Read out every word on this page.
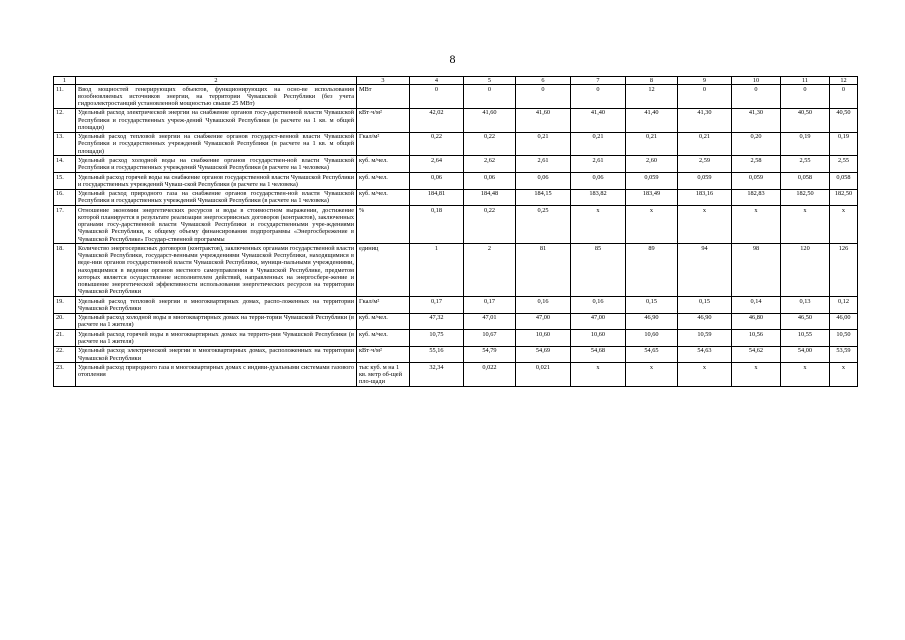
8
1	2	3	4	5	6	7	8	9	10	11	12
11.	Ввод мощностей генерирующих объектов, функционирующих на осно-ве использования возобновляемых источников энергии, на территории Чувашской Республики (без учета гидроэлектростанций установленной мощностью свыше 25 МВт)	МВт	0	0	0	0	12	0	0	0	0
12.	Удельный расход электрической энергии на снабжение органов госу-дарственной власти Чувашской Республики и государственных учреж-дений Чувашской Республики (в расчете на 1 кв. м общей площади)	кВт·ч/м²	42,02	41,60	41,60	41,40	41,40	41,30	41,30	40,50	40,50
13.	Удельный расход тепловой энергии на снабжение органов государст-венной власти Чувашской Республики и государственных учреждений Чувашской Республики (в расчете на 1 кв. м общей площади)	Гкал/м²	0,22	0,22	0,21	0,21	0,21	0,21	0,20	0,19	0,19
14.	Удельный расход холодной воды на снабжение органов государствен-ной власти Чувашской Республики и государственных учреждений Чувашской Республики (в расчете на 1 человека)	куб. м/чел.	2,64	2,62	2,61	2,61	2,60	2,59	2,58	2,55	2,55
15.	Удельный расход горячей воды на снабжение органов государственной власти Чувашской Республики и государственных учреждений Чуваш-ской Республики (в расчете на 1 человека)	куб. м/чел.	0,06	0,06	0,06	0,06	0,059	0,059	0,059	0,058	0,058
16.	Удельный расход природного газа на снабжение органов государствен-ной власти Чувашской Республики и государственных учреждений Чувашской Республики (в расчете на 1 человека)	куб. м/чел.	184,81	184,48	184,15	183,82	183,49	183,16	182,83	182,50	182,50
17.	Отношение экономии энергетических ресурсов и воды в стоимостном выражении, достижение которой планируется в результате реализации энергосервисных договоров (контрактов), заключенных органами госу-дарственной власти Чувашской Республики и государственными учре-ждениями Чувашской Республики, к общему объему финансирования подпрограммы «Энергосбережение в Чувашской Республике» Государ-ственной программы	%	0,18	0,22	0,25	x	x	x	x	x	x
18.	Количество энергосервисных договоров (контрактов), заключенных органами государственной власти Чувашской Республики, государст-венными учреждениями Чувашской Республики, находящимися в веде-нии органов государственной власти Чувашской Республики, муници-пальными учреждениями, находящимися в ведении органов местного самоуправления в Чувашской Республике, предметом которых является осуществление исполнителем действий, направленных на энергосбере-жение и повышение энергетической эффективности использования энергетических ресурсов на территории Чувашской Республики	единиц	1	2	81	85	89	94	98	120	126
19.	Удельный расход тепловой энергии в многоквартирных домах, распо-ложенных на территории Чувашской Республики	Гкал/м²	0,17	0,17	0,16	0,16	0,15	0,15	0,14	0,13	0,12
20.	Удельный расход холодной воды в многоквартирных домах на терри-тории Чувашской Республики (в расчете на 1 жителя)	куб. м/чел.	47,32	47,01	47,00	47,00	46,90	46,90	46,80	46,50	46,00
21.	Удельный расход горячей воды в многоквартирных домах на террито-рии Чувашской Республики (в расчете на 1 жителя)	куб. м/чел.	10,75	10,67	10,60	10,60	10,60	10,59	10,56	10,55	10,50
22.	Удельный расход электрической энергии в многоквартирных домах, расположенных на территории Чувашской Республики	кВт·ч/м²	55,16	54,79	54,69	54,68	54,65	54,63	54,62	54,00	53,59
23.	Удельный расход природного газа в многоквартирных домах с индиви-дуальными системами газового отопления	тыс куб. м на 1 кв. метр об-щей пло-щади	32,34	0,022	0,021	x	x	x	x	x	x
